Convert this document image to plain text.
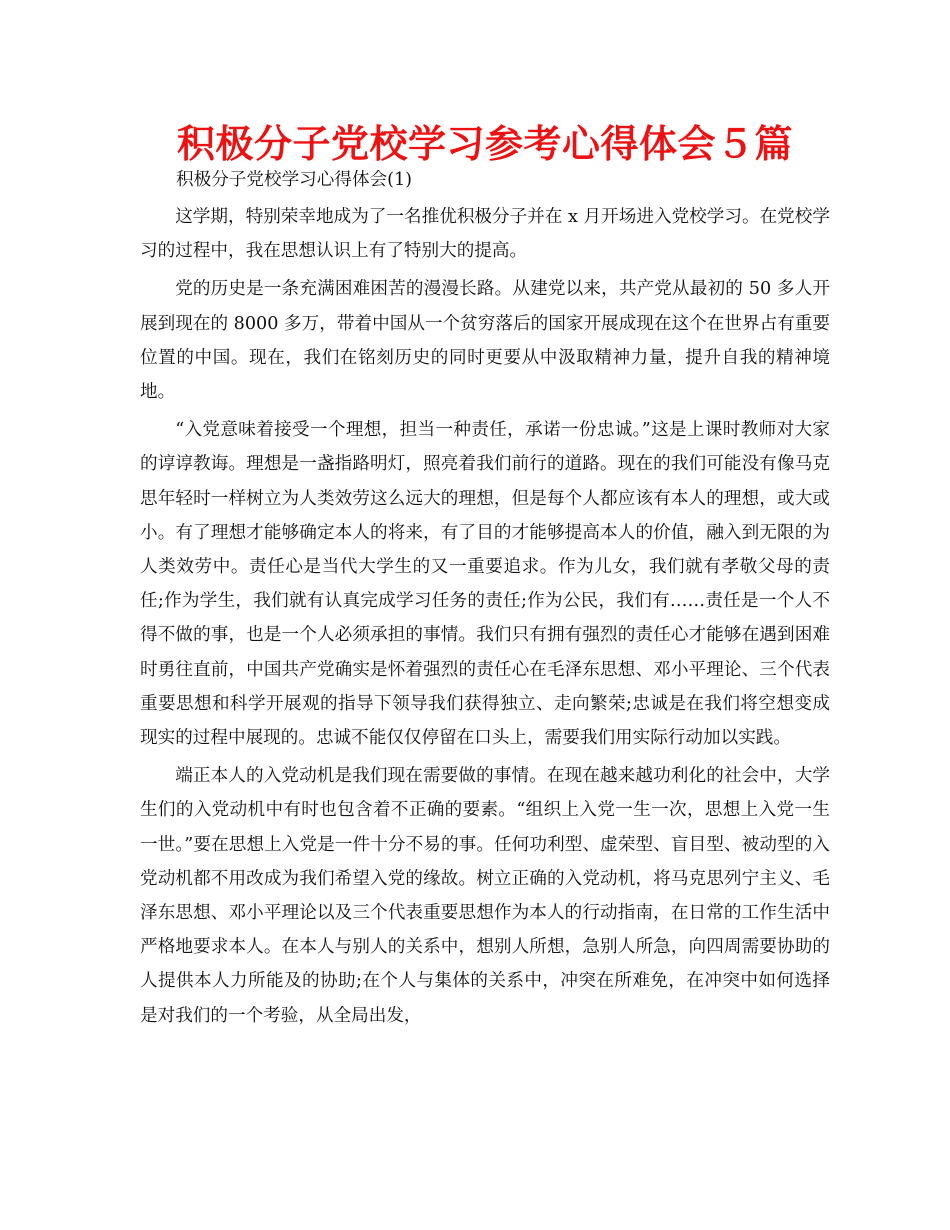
积极分子党校学习参考心得体会５篇

积极分子党校学习心得体会(1)

这学期，特别荣幸地成为了一名推优积极分子并在 x 月开场进入党校学习。在党校学习的过程中，我在思想认识上有了特别大的提高。

党的历史是一条充满困难困苦的漫漫长路。从建党以来，共产党从最初的 50 多人开展到现在的 8000 多万，带着中国从一个贫穷落后的国家开展成现在这个在世界占有重要位置的中国。现在，我们在铭刻历史的同时更要从中汲取精神力量，提升自我的精神境地。

“入党意味着接受一个理想，担当一种责任，承诺一份忠诚。”这是上课时教师对大家的谆谆教诲。理想是一盏指路明灯，照亮着我们前行的道路。现在的我们可能没有像马克思年轻时一样树立为人类效劳这么远大的理想，但是每个人都应该有本人的理想，或大或小。有了理想才能够确定本人的将来，有了目的才能够提高本人的价值，融入到无限的为人类效劳中。责任心是当代大学生的又一重要追求。作为儿女，我们就有孝敬父母的责任;作为学生，我们就有认真完成学习任务的责任;作为公民，我们有……责任是一个人不得不做的事，也是一个人必须承担的事情。我们只有拥有强烈的责任心才能够在遇到困难时勇往直前，中国共产党确实是怀着强烈的责任心在毛泽东思想、邓小平理论、三个代表重要思想和科学开展观的指导下领导我们获得独立、走向繁荣;忠诚是在我们将空想变成现实的过程中展现的。忠诚不能仅仅停留在口头上，需要我们用实际行动加以实践。

端正本人的入党动机是我们现在需要做的事情。在现在越来越功利化的社会中，大学生们的入党动机中有时也包含着不正确的要素。“组织上入党一生一次，思想上入党一生一世。”要在思想上入党是一件十分不易的事。任何功利型、虚荣型、盲目型、被动型的入党动机都不用改成为我们希望入党的缘故。树立正确的入党动机，将马克思列宁主义、毛泽东思想、邓小平理论以及三个代表重要思想作为本人的行动指南，在日常的工作生活中严格地要求本人。在本人与别人的关系中，想别人所想，急别人所急，向四周需要协助的人提供本人力所能及的协助;在个人与集体的关系中，冲突在所难免，在冲突中如何选择是对我们的一个考验，从全局出发，
